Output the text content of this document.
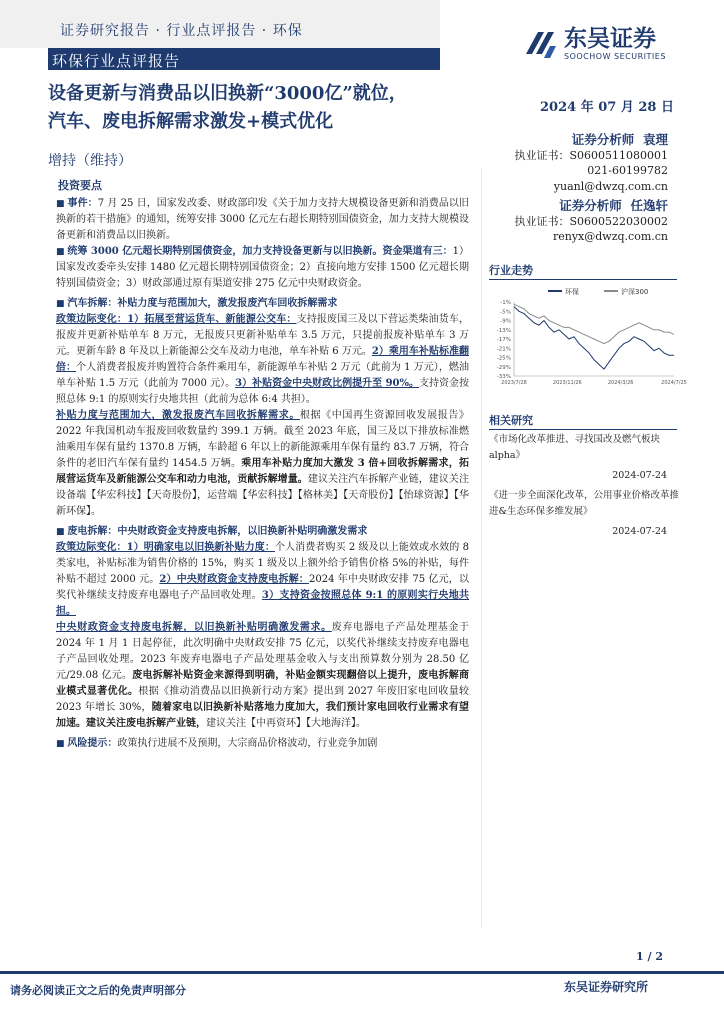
证券研究报告 · 行业点评报告 · 环保
环保行业点评报告
东吴证券
SOOCHOW SECURITIES
设备更新与消费品以旧换新“3000亿”就位，
汽车、废电拆解需求激发+模式优化
增持（维持）
2024 年 07 月 28 日
证券分析师 袁理
执业证书：S0600511080001
021-60199782
yuanl@dwzq.com.cn
证券分析师 任逸轩
执业证书：S0600522030002
renyx@dwzq.com.cn
投资要点
■ 事件：7 月 25 日，国家发改委、财政部印发《关于加力支持大规模设备更新和消费品以旧换新的若干措施》的通知，统筹安排 3000 亿元左右超长期特别国债资金，加力支持大规模设备更新和消费品以旧换新。
■ 统筹 3000 亿元超长期特别国债资金，加力支持设备更新与以旧换新。资金渠道有三：1）国家发改委牵头安排 1480 亿元超长期特别国债资金；2）直接向地方安排 1500 亿元超长期特别国债资金；3）财政部通过原有渠道安排 275 亿元中央财政资金。
■ 汽车拆解：补贴力度与范围加大，激发报废汽车回收拆解需求
政策边际变化：1）拓展至营运货车、新能源公交车：支持报废国三及以下营运类柴油货车，报废并更新补贴单车 8 万元，无报废只更新补贴单车 3.5 万元，只提前报废补贴单车 3 万元。更新车龄 8 年及以上新能源公交车及动力电池，单车补贴 6 万元。2）乘用车补贴标准翻倍：个人消费者报废并购置符合条件乘用车，新能源单车补贴 2 万元（此前为 1 万元），燃油单车补贴 1.5 万元（此前为 7000 元）。3）补贴资金中央财政比例提升至 90%。支持资金按照总体 9:1 的原则实行央地共担（此前为总体 6:4 共担）。
补贴力度与范围加大，激发报废汽车回收拆解需求。根据《中国再生资源回收发展报告》2022 年我国机动车报废回收数量约 399.1 万辆。截至 2023 年底，国三及以下排放标准燃油乘用车保有量约 1370.8 万辆，车龄超 6 年以上的新能源乘用车保有量约 83.7 万辆，符合条件的老旧汽车保有量约 1454.5 万辆。乘用车补贴力度加大激发 3 倍+回收拆解需求，拓展营运货车及新能源公交车和动力电池，贡献拆解增量。建议关注汽车拆解产业链，建议关注设备端【华宏科技】【天奇股份】，运营端【华宏科技】【格林美】【天奇股份】【怡球资源】【华新环保】。
■ 废电拆解：中央财政资金支持废电拆解，以旧换新补贴明确激发需求
政策边际变化：1）明确家电以旧换新补贴力度：个人消费者购买 2 级及以上能效或水效的 8 类家电，补贴标准为销售价格的 15%，购买 1 级及以上额外给予销售价格 5%的补贴，每件补贴不超过 2000 元。2）中央财政资金支持废电拆解：2024 年中央财政安排 75 亿元，以奖代补继续支持废弃电器电子产品回收处理。3）支持资金按照总体 9:1 的原则实行央地共担。
中央财政资金支持废电拆解，以旧换新补贴明确激发需求。废弃电器电子产品处理基金于 2024 年 1 月 1 日起停征，此次明确中央财政安排 75 亿元，以奖代补继续支持废弃电器电子产品回收处理。2023 年废弃电器电子产品处理基金收入与支出预算数分别为 28.50 亿元/29.08 亿元。废电拆解补贴资金来源得到明确，补贴金额实现翻倍以上提升，废电拆解商业模式显著优化。根据《推动消费品以旧换新行动方案》提出到 2027 年废旧家电回收量较 2023 年增长 30%，随着家电以旧换新补贴落地力度加大，我们预计家电回收行业需求有望加速。建议关注废电拆解产业链，建议关注【中再资环】【大地海洋】。
■ 风险提示：政策执行进展不及预期，大宗商品价格波动，行业竞争加剧
行业走势
环保	沪深300
-1%
-5%
-9%
-13%
-17%
-21%
-25%
-29%
-33%
2023/7/28	2023/11/26	2024/3/26	2024/7/25
相关研究
《市场化改革推进、寻找国改及燃气板块 alpha》
2024-07-24
《进一步全面深化改革，公用事业价格改革推进&生态环保多维发展》
2024-07-24
1 / 2
请务必阅读正文之后的免责声明部分	东吴证券研究所
